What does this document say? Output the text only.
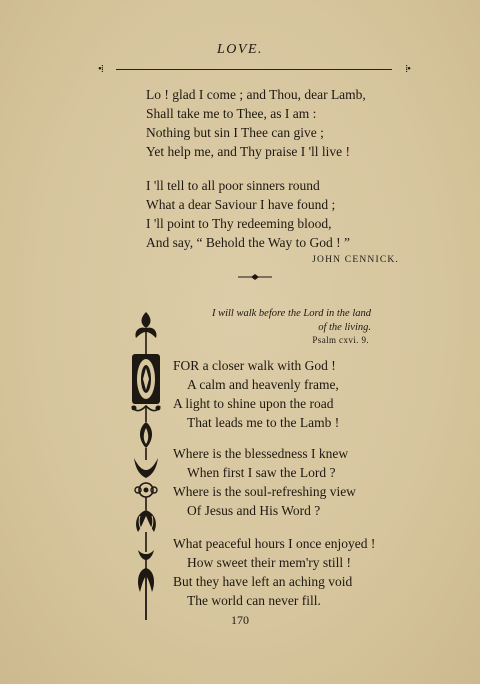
LOVE.
•⁞	⁞•
Lo ! glad I come ; and Thou, dear Lamb,
Shall take me to Thee, as I am :
Nothing but sin I Thee can give ;
Yet help me, and Thy praise I 'll live !
I 'll tell to all poor sinners round
What a dear Saviour I have found ;
I 'll point to Thy redeeming blood,
And say, “ Behold the Way to God ! ”
JOHN CENNICK.
I will walk before the Lord in the land
of the living.
Psalm cxvi. 9.
FOR a closer walk with God !
A calm and heavenly frame,
A light to shine upon the road
That leads me to the Lamb !
Where is the blessedness I knew
When first I saw the Lord ?
Where is the soul-refreshing view
Of Jesus and His Word ?
What peaceful hours I once enjoyed !
How sweet their mem'ry still !
But they have left an aching void
The world can never fill.
170
